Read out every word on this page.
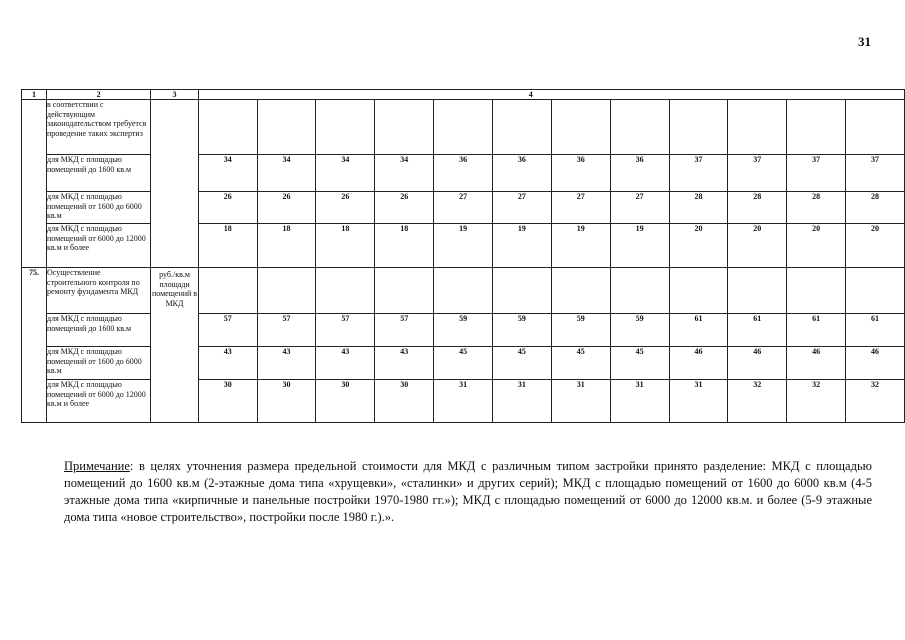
31
1	2	3	4											
	в соответствии с действующим законодательством требуется проведение таких экспертиз													
	для МКД с площадью помещений до 1600 кв.м		34	34	34	34	36	36	36	36	37	37	37	37
	для МКД с площадью помещений от 1600 до 6000 кв.м		26	26	26	26	27	27	27	27	28	28	28	28
	для МКД с площадью помещений от 6000 до 12000 кв.м и более		18	18	18	18	19	19	19	19	20	20	20	20
75.	Осуществление строительного контроля по ремонту фундамента МКД	руб./кв.м площади помещений в МКД												
	для МКД с площадью помещений до 1600 кв.м		57	57	57	57	59	59	59	59	61	61	61	61
	для МКД с площадью помещений от 1600 до 6000 кв.м		43	43	43	43	45	45	45	45	46	46	46	46
	для МКД с площадью помещений от 6000 до 12000 кв.м и более		30	30	30	30	31	31	31	31	31	32	32	32
Примечание: в целях уточнения размера предельной стоимости для МКД с различным типом застройки принято разделение: МКД с площадью помещений до 1600 кв.м (2-этажные дома типа «хрущевки», «сталинки» и других серий); МКД с площадью помещений от 1600 до 6000 кв.м (4-5 этажные дома типа «кирпичные и панельные постройки 1970-1980 гг.»); МКД с площадью помещений от 6000 до 12000 кв.м. и более (5-9 этажные дома типа «новое строительство», постройки после 1980 г.).».
